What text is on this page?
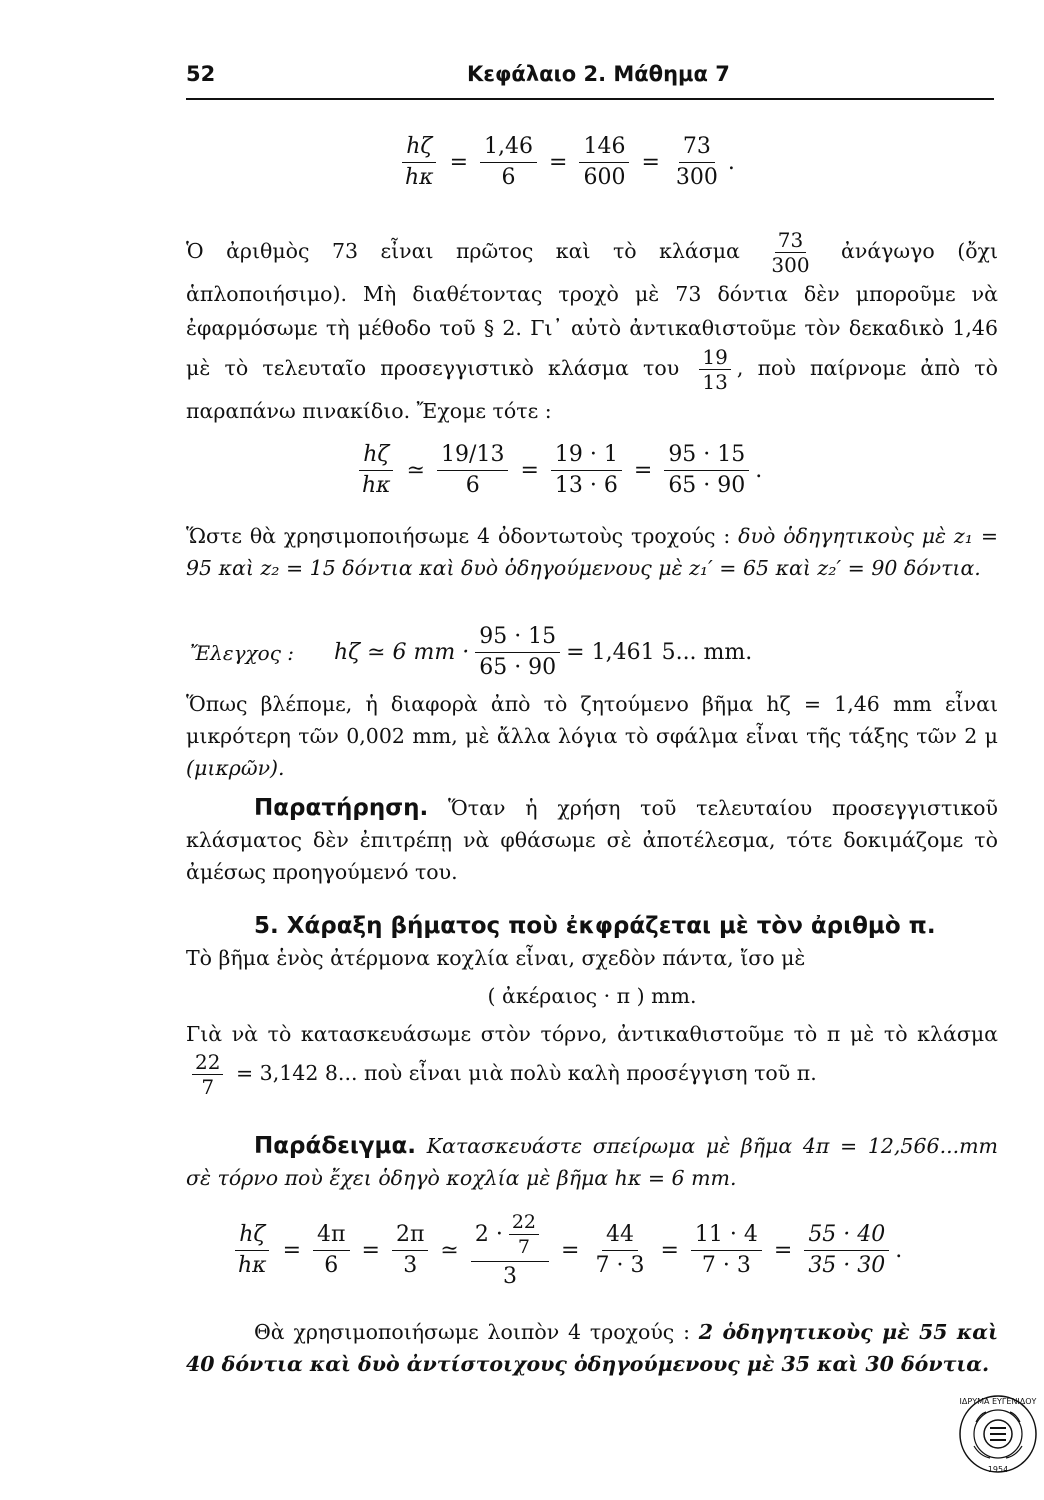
52	Κεφάλαιο 2. Μάθημα 7
$\frac{h\zeta}{h\kappa} = \frac{1,46}{6} = \frac{146}{600} = \frac{73}{300}$ .
Ὁ ἀριθμὸς 73 εἶναι πρῶτος καὶ τὸ κλάσμα $\frac{73}{300}$ ἀνάγωγο (ὄχι ἁπλοποιήσιμο). Μὴ διαθέτοντας τροχὸ μὲ 73 δόντια δὲν μποροῦμε νὰ ἐφαρμόσωμε τὴ μέθοδο τοῦ § 2. Γι᾿ αὐτὸ ἀντικαθιστοῦμε τὸν δεκαδικὸ 1,46 μὲ τὸ τελευταῖο προσεγγιστικὸ κλάσμα του $\frac{19}{13}$ , ποὺ παίρνομε ἀπὸ τὸ παραπάνω πινακίδιο. Ἔχομε τότε :
$\frac{h\zeta}{h\kappa}$ ≃ $\frac{19/13}{6} = \frac{19 \cdot 1}{13 \cdot 6} = \frac{95 \cdot 15}{65 \cdot 90}$ .
Ὥστε θὰ χρησιμοποιήσωμε 4 ὀδοντωτοὺς τροχούς : δυὸ ὁδηγητικοὺς μὲ z₁ = 95 καὶ z₂ = 15 δόντια καὶ δυὸ ὁδηγούμενους μὲ z₁′ = 65 καὶ z₂′ = 90 δόντια.
Ἔλεγχος : hζ ≃ 6 mm · $\frac{95 \cdot 15}{65 \cdot 90} = 1,461$ 5... mm.
Ὅπως βλέπομε, ἡ διαφορὰ ἀπὸ τὸ ζητούμενο βῆμα hζ = 1,46 mm εἶναι μικρότερη τῶν 0,002 mm, μὲ ἄλλα λόγια τὸ σφάλμα εἶναι τῆς τάξης τῶν 2 μ (μικρῶν).
Παρατήρηση. Ὅταν ἡ χρήση τοῦ τελευταίου προσεγγιστικοῦ κλάσματος δὲν ἐπιτρέπῃ νὰ φθάσωμε σὲ ἀποτέλεσμα, τότε δοκιμάζομε τὸ ἀμέσως προηγούμενό του.
5. Χάραξη βήματος ποὺ ἐκφράζεται μὲ τὸν ἀριθμὸ π.
Τὸ βῆμα ἑνὸς ἀτέρμονα κοχλία εἶναι, σχεδὸν πάντα, ἴσο μὲ
( ἀκέραιος · π ) mm.
Γιὰ νὰ τὸ κατασκευάσωμε στὸν τόρνο, ἀντικαθιστοῦμε τὸ π μὲ τὸ κλάσμα
$\frac{22}{7} = 3,142$ 8... ποὺ εἶναι μιὰ πολὺ καλὴ προσέγγιση τοῦ π.
Παράδειγμα. Κατασκευάστε σπείρωμα μὲ βῆμα 4π = 12,566...mm σὲ τόρνο ποὺ ἔχει ὁδηγὸ κοχλία μὲ βῆμα hκ = 6 mm.
$\frac{h\zeta}{h\kappa} = \frac{4\pi}{6} = \frac{2\pi}{3}$ ≃ $\frac{2 \cdot \frac{22}{7}}{3} = \frac{44}{7 \cdot 3} = \frac{11 \cdot 4}{7 \cdot 3} = \frac{55 \cdot 40}{35 \cdot 30}$ .
Θὰ χρησιμοποιήσωμε λοιπὸν 4 τροχούς : 2 ὁδηγητικοὺς μὲ 55 καὶ 40 δόντια καὶ δυὸ ἀντίστοιχους ὁδηγούμενους μὲ 35 καὶ 30 δόντια.
ΙΔΡΥΜΑ ΕΥΓΕΝΙΔΟΥ
1954
